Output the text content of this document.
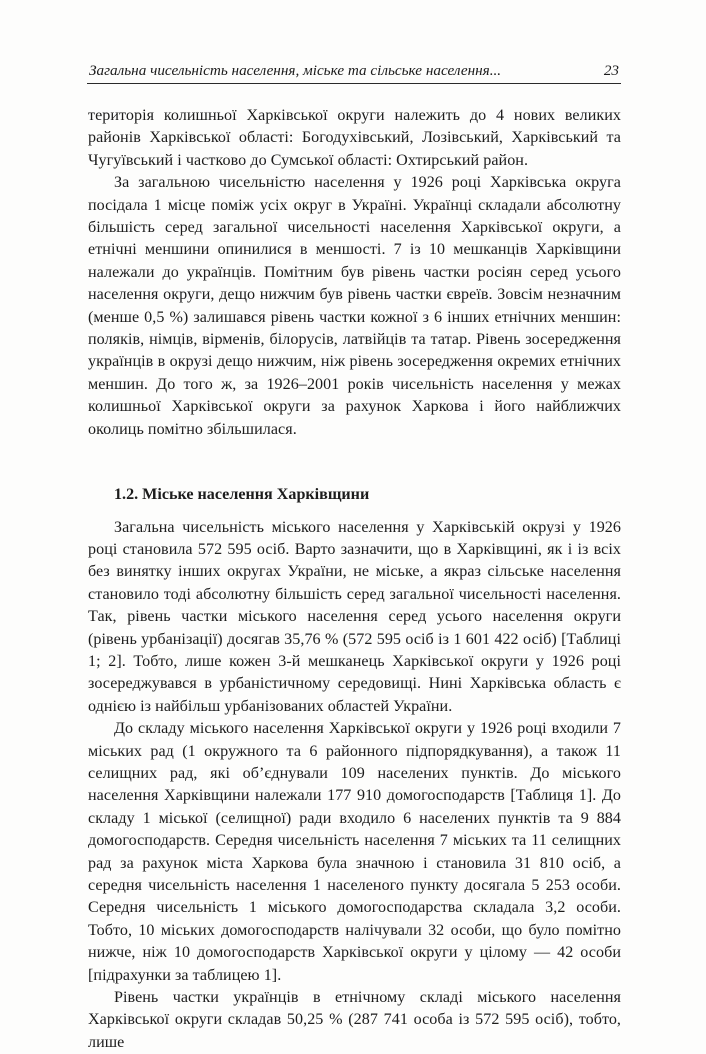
Загальна чисельність населення, міське та сільське населення...	23

територія колишньої Харківської округи належить до 4 нових великих районів Харківської області: Богодухівський, Лозівський, Харківський та Чугуївський і частково до Сумської області: Охтирський район.

За загальною чисельністю населення у 1926 році Харківська округа посідала 1 місце поміж усіх округ в Україні. Українці складали абсолютну більшість серед загальної чисельності населення Харківської округи, а етнічні меншини опинилися в меншості. 7 із 10 мешканців Харківщини належали до українців. Помітним був рівень частки росіян серед усього населення округи, дещо нижчим був рівень частки євреїв. Зовсім незначним (менше 0,5 %) залишався рівень частки кожної з 6 інших етнічних меншин: поляків, німців, вірменів, білорусів, латвійців та татар. Рівень зосередження українців в окрузі дещо нижчим, ніж рівень зосередження окремих етнічних меншин. До того ж, за 1926–2001 років чисельність населення у межах колишньої Харківської округи за рахунок Харкова і його найближчих околиць помітно збільшилася.

1.2. Міське населення Харківщини

Загальна чисельність міського населення у Харківській окрузі у 1926 році становила 572 595 осіб. Варто зазначити, що в Харківщині, як і із всіх без винятку інших округах України, не міське, а якраз сільське населення становило тоді абсолютну більшість серед загальної чисельності населення. Так, рівень частки міського населення серед усього населення округи (рівень урбанізації) досягав 35,76 % (572 595 осіб із 1 601 422 осіб) [Таблиці 1; 2]. Тобто, лише кожен 3-й мешканець Харківської округи у 1926 році зосереджувався в урбаністичному середовищі. Нині Харківська область є однією із найбільш урбанізованих областей України.

До складу міського населення Харківської округи у 1926 році входили 7 міських рад (1 окружного та 6 районного підпорядкування), а також 11 селищних рад, які об’єднували 109 населених пунктів. До міського населення Харківщини належали 177 910 домогосподарств [Таблиця 1]. До складу 1 міської (селищної) ради входило 6 населених пунктів та 9 884 домогосподарств. Середня чисельність населення 7 міських та 11 селищних рад за рахунок міста Харкова була значною і становила 31 810 осіб, а середня чисельність населення 1 населеного пункту досягала 5 253 особи. Середня чисельність 1 міського домогосподарства складала 3,2 особи. Тобто, 10 міських домогосподарств налічували 32 особи, що було помітно нижче, ніж 10 домогосподарств Харківської округи у цілому — 42 особи [підрахунки за таблицею 1].

Рівень частки українців в етнічному складі міського населення Харківської округи складав 50,25 % (287 741 особа із 572 595 осіб), тобто, лише
